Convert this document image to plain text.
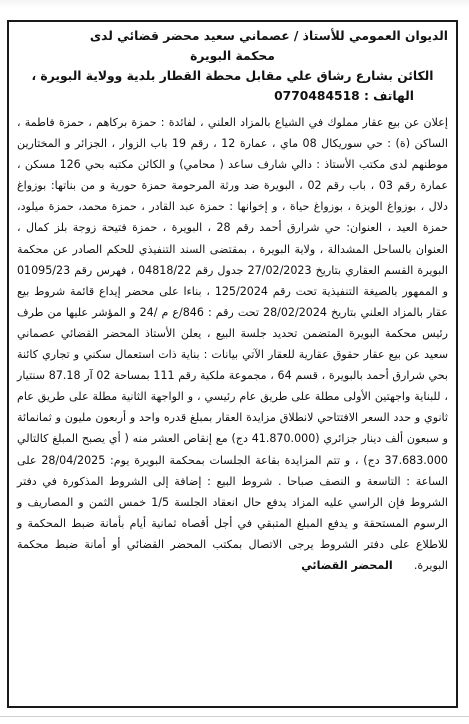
الديوان العمومي للأستاذ / عصماني سعيد محضر قضائي لدى
محكمة البويرة
الكائن بشارع رشاق علي مقابل محطة القطار بلدية وولاية البويرة ،
الهاتف : 0770484518

إعلان عن بيع عقار مملوك في الشياع بالمزاد العلني ، لفائدة : حمزة بركاهم ، حمزة فاطمة ، الساكن (ة) : حي سوريكال 08 ماي ، عمارة 12 ، رقم 19 باب الزوار ، الجزائر و المختارين موطنهم لدى مكتب الأستاذ : دالي شارف ساعد ( محامي) و الكائن مكتبه بحي 126 مسكن ، عمارة رقم 03 ، باب رقم 02 ، البويرة ضد ورثة المرحومة حمزة حورية و من بناتها: بوزواغ دلال ، بوزواغ الويزة ، بوزواغ حياة ، و إخوانها : حمزة عبد القادر ، حمزة محمد، حمزة ميلود، حمزة العيد ، العنوان: حي شرارق أحمد رقم 28 ، البويرة ، حمزة فتيحة زوجة بلز كمال ، العنوان بالساحل المشدالة ، ولاية البويرة ، بمقتضى السند التنفيذي للحكم الصادر عن محكمة البويرة القسم العقاري بتاريخ 27/02/2023 جدول رقم 04818/22 ، فهرس رقم 01095/23 و الممهور بالصيغة التنفيذية تحت رقم 125/2024 ، بناءا على محضر إيداع قائمة شروط بيع عقار بالمزاد العلني بتاريخ 28/02/2024 تحت رقم : 846/ع م /24 و المؤشر عليها من طرف رئيس محكمة البويرة المتضمن تحديد جلسة البيع ، يعلن الأستاذ المحضر القضائي عصماني سعيد عن بيع عقار حقوق عقارية للعقار الآتي بيانات : بناية ذات استعمال سكني و تجاري كائنة بحي شرارق أحمد بالبويرة ، قسم 64 ، مجموعة ملكية رقم 111 بمساحة 02 آر 87.18 سنتيار ، للبناية واجهتين الأولى مطلة على طريق عام رئيسي ، و الواجهة الثانية مطلة على طريق عام ثانوي و حدد السعر الافتتاحي لانطلاق مزايدة العقار بمبلغ قدره واحد و أربعون مليون و ثمانمائة و سبعون ألف دينار جزائري (41.870.000 دج) مع إنقاص العشر منه ( أي يصبح المبلغ كالتالي 37.683.000 دج) ، و تتم المزايدة بقاعة الجلسات بمحكمة البويرة يوم: 28/04/2025 على الساعة : التاسعة و النصف صباحا . شروط البيع : إضافة إلى الشروط المذكورة في دفتر الشروط فإن الراسي عليه المزاد يدفع حال انعقاد الجلسة 1/5 خمس الثمن و المصاريف و الرسوم المستحقة و يدفع المبلغ المتبقي في أجل أقصاه ثمانية أيام بأمانة ضبط المحكمة و للاطلاع على دفتر الشروط يرجى الاتصال بمكتب المحضر القضائي أو أمانة ضبط محكمة البويرة.      المحضر القضائي
